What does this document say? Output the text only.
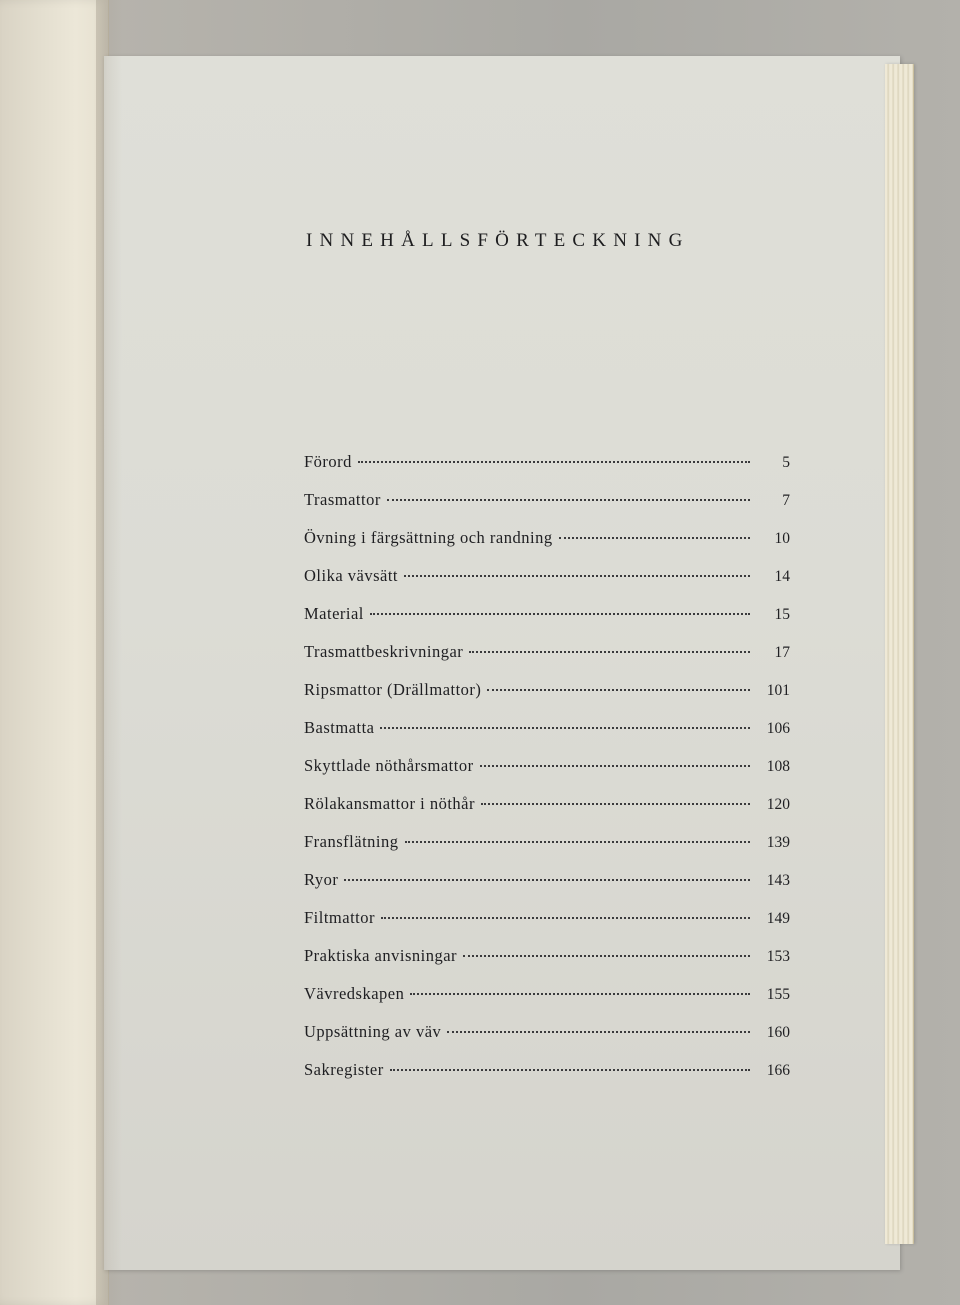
INNEHÅLLSFÖRTECKNING
Förord	5
Trasmattor	7
Övning i färgsättning och randning	10
Olika vävsätt	14
Material	15
Trasmattbeskrivningar	17
Ripsmattor (Drällmattor)	101
Bastmatta	106
Skyttlade nöthårsmattor	108
Rölakansmattor i nöthår	120
Fransflätning	139
Ryor	143
Filtmattor	149
Praktiska anvisningar	153
Vävredskapen	155
Uppsättning av väv	160
Sakregister	166
